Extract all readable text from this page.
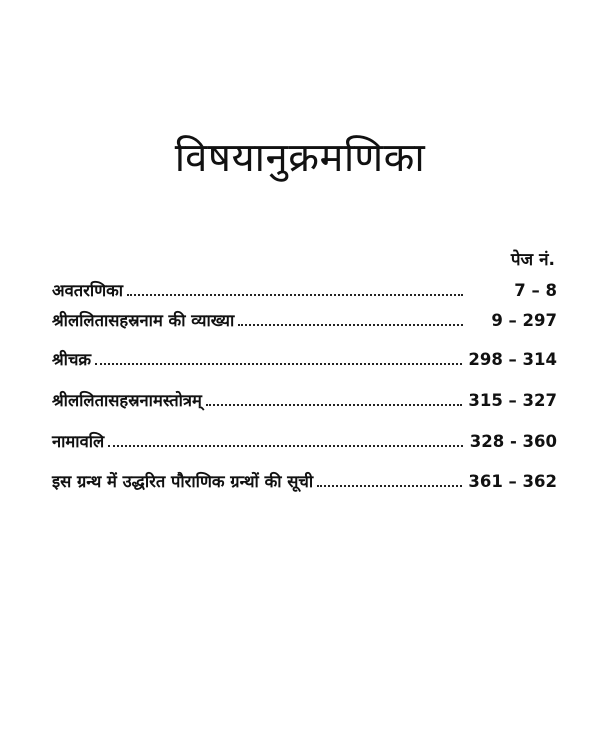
विषयानुक्रमणिका
पेज नं.
अवतरणिका	7 – 8
श्रीललितासहस्रनाम की व्याख्या	9 – 297
श्रीचक्र	298 – 314
श्रीललितासहस्रनामस्तोत्रम्	315 – 327
नामावलि	328 - 360
इस ग्रन्थ में उद्धरित पौराणिक ग्रन्थों की सूची	361 – 362
